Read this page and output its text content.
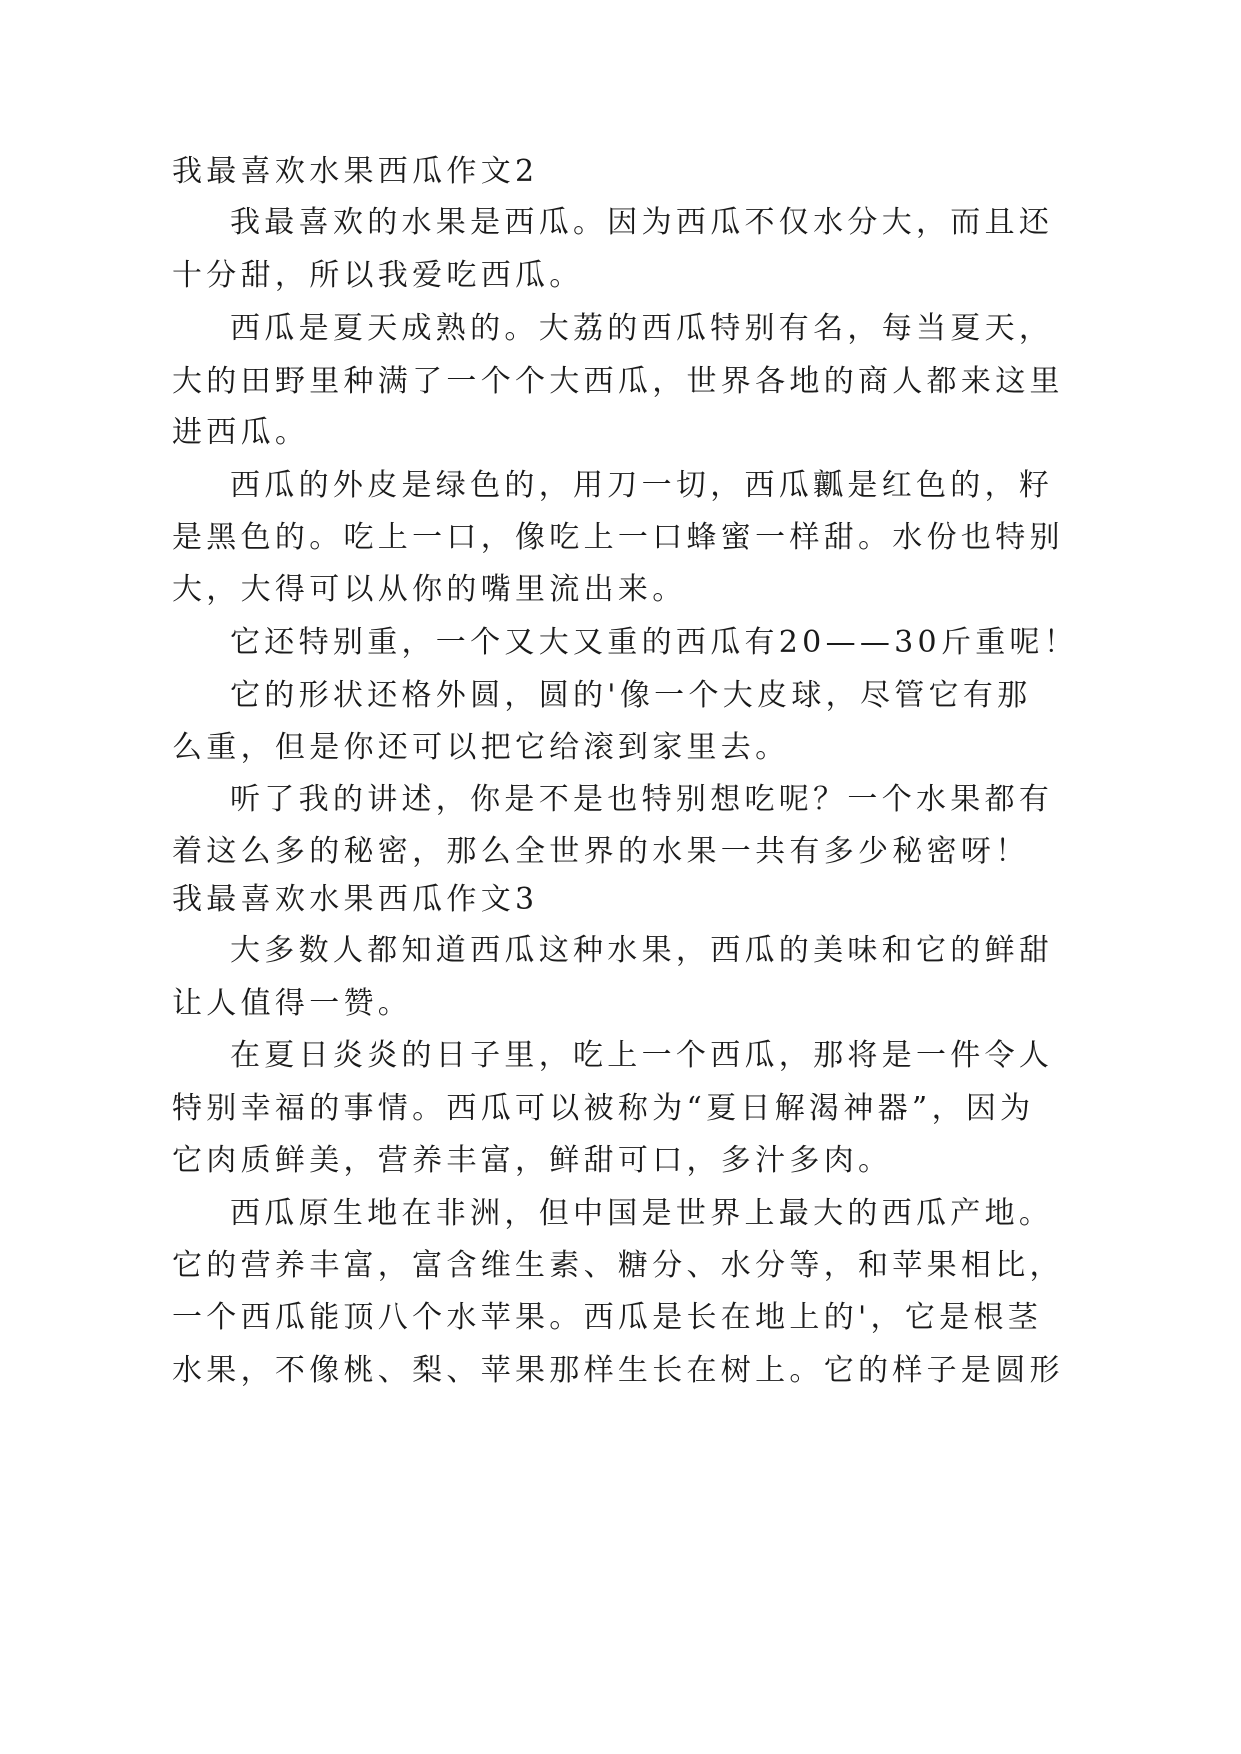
我最喜欢水果西瓜作文2
我最喜欢的水果是西瓜。因为西瓜不仅水分大，而且还
十分甜，所以我爱吃西瓜。
西瓜是夏天成熟的。大荔的西瓜特别有名，每当夏天，
大的田野里种满了一个个大西瓜，世界各地的商人都来这里
进西瓜。
西瓜的外皮是绿色的，用刀一切，西瓜瓤是红色的，籽
是黑色的。吃上一口，像吃上一口蜂蜜一样甜。水份也特别
大，大得可以从你的嘴里流出来。
它还特别重，一个又大又重的西瓜有20——30斤重呢！
它的形状还格外圆，圆的'像一个大皮球，尽管它有那
么重，但是你还可以把它给滚到家里去。
听了我的讲述，你是不是也特别想吃呢？一个水果都有
着这么多的秘密，那么全世界的水果一共有多少秘密呀！
我最喜欢水果西瓜作文3
大多数人都知道西瓜这种水果，西瓜的美味和它的鲜甜
让人值得一赞。
在夏日炎炎的日子里，吃上一个西瓜，那将是一件令人
特别幸福的事情。西瓜可以被称为“夏日解渴神器”，因为
它肉质鲜美，营养丰富，鲜甜可口，多汁多肉。
西瓜原生地在非洲，但中国是世界上最大的西瓜产地。
它的营养丰富，富含维生素、糖分、水分等，和苹果相比，
一个西瓜能顶八个水苹果。西瓜是长在地上的'，它是根茎
水果，不像桃、梨、苹果那样生长在树上。它的样子是圆形
